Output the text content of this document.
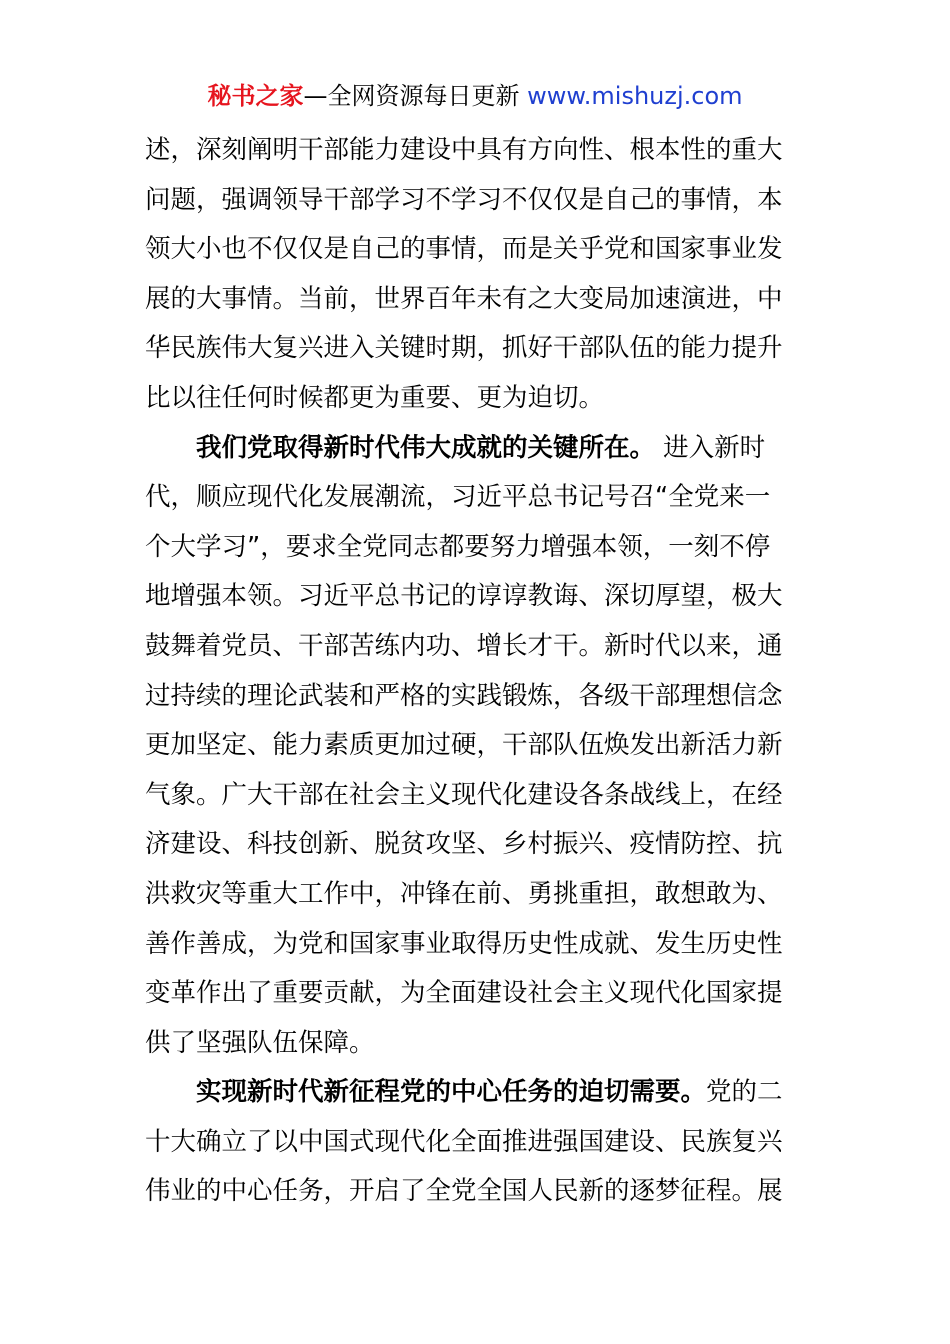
秘书之家—全网资源每日更新 www.mishuzj.com

述，深刻阐明干部能力建设中具有方向性、根本性的重大

问题，强调领导干部学习不学习不仅仅是自己的事情，本

领大小也不仅仅是自己的事情，而是关乎党和国家事业发

展的大事情。当前，世界百年未有之大变局加速演进，中

华民族伟大复兴进入关键时期，抓好干部队伍的能力提升

比以往任何时候都更为重要、更为迫切。

我们党取得新时代伟大成就的关键所在。 进入新时

代，顺应现代化发展潮流，习近平总书记号召“全党来一

个大学习”，要求全党同志都要努力增强本领，一刻不停

地增强本领。习近平总书记的谆谆教诲、深切厚望，极大

鼓舞着党员、干部苦练内功、增长才干。新时代以来，通

过持续的理论武装和严格的实践锻炼，各级干部理想信念

更加坚定、能力素质更加过硬，干部队伍焕发出新活力新

气象。广大干部在社会主义现代化建设各条战线上，在经

济建设、科技创新、脱贫攻坚、乡村振兴、疫情防控、抗

洪救灾等重大工作中，冲锋在前、勇挑重担，敢想敢为、

善作善成，为党和国家事业取得历史性成就、发生历史性

变革作出了重要贡献，为全面建设社会主义现代化国家提

供了坚强队伍保障。

实现新时代新征程党的中心任务的迫切需要。党的二

十大确立了以中国式现代化全面推进强国建设、民族复兴

伟业的中心任务，开启了全党全国人民新的逐梦征程。展
